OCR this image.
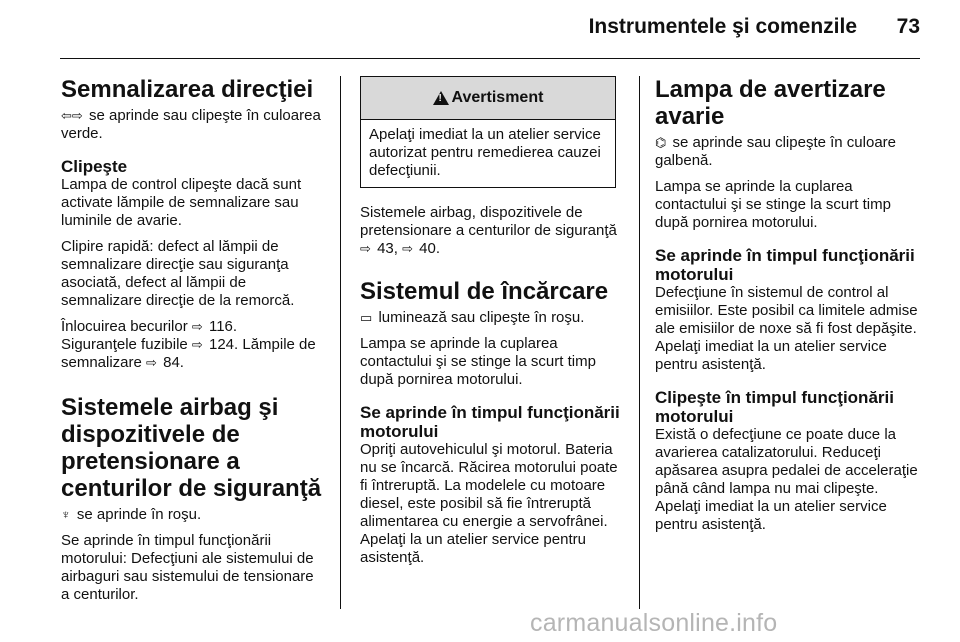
Instrumentele şi comenzile 73
Semnalizarea direcţiei

⇦⇨ se aprinde sau clipeşte în culoarea verde.

Clipeşte

Lampa de control clipeşte dacă sunt activate lămpile de semnalizare sau luminile de avarie.

Clipire rapidă: defect al lămpii de semnalizare direcţie sau siguranţa asociată, defect al lămpii de semnalizare direcţie de la remorcă.

Înlocuirea becurilor ⇨ 116.
Siguranţele fuzibile ⇨ 124. Lămpile de semnalizare ⇨ 84.

Sistemele airbag şi dispozitivele de pretensionare a centurilor de siguranţă

♆ se aprinde în roşu.

Se aprinde în timpul funcţionării motorului: Defecţiuni ale sistemului de airbaguri sau sistemului de tensionare a centurilor.

!
Avertisment
Apelaţi imediat la un atelier service autorizat pentru remedierea cauzei defecţiunii.

Sistemele airbag, dispozitivele de pretensionare a centurilor de siguranţă ⇨ 43, ⇨ 40.

Sistemul de încărcare

▭ luminează sau clipeşte în roşu.

Lampa se aprinde la cuplarea contactului şi se stinge la scurt timp după pornirea motorului.

Se aprinde în timpul funcţionării motorului

Opriţi autovehiculul şi motorul. Bateria nu se încarcă. Răcirea motorului poate fi întreruptă. La modelele cu motoare diesel, este posibil să fie întreruptă alimentarea cu energie a servofrânei. Apelaţi la un atelier service pentru asistenţă.

Lampa de avertizare avarie

⌬ se aprinde sau clipeşte în culoare galbenă.

Lampa se aprinde la cuplarea contactului şi se stinge la scurt timp după pornirea motorului.

Se aprinde în timpul funcţionării motorului

Defecţiune în sistemul de control al emisiilor. Este posibil ca limitele admise ale emisiilor de noxe să fi fost depăşite. Apelaţi imediat la un atelier service pentru asistenţă.

Clipeşte în timpul funcţionării motorului

Există o defecţiune ce poate duce la avarierea catalizatorului. Reduceţi apăsarea asupra pedalei de acceleraţie până când lampa nu mai clipeşte. Apelaţi imediat la un atelier service pentru asistenţă.

carmanualsonline.info
